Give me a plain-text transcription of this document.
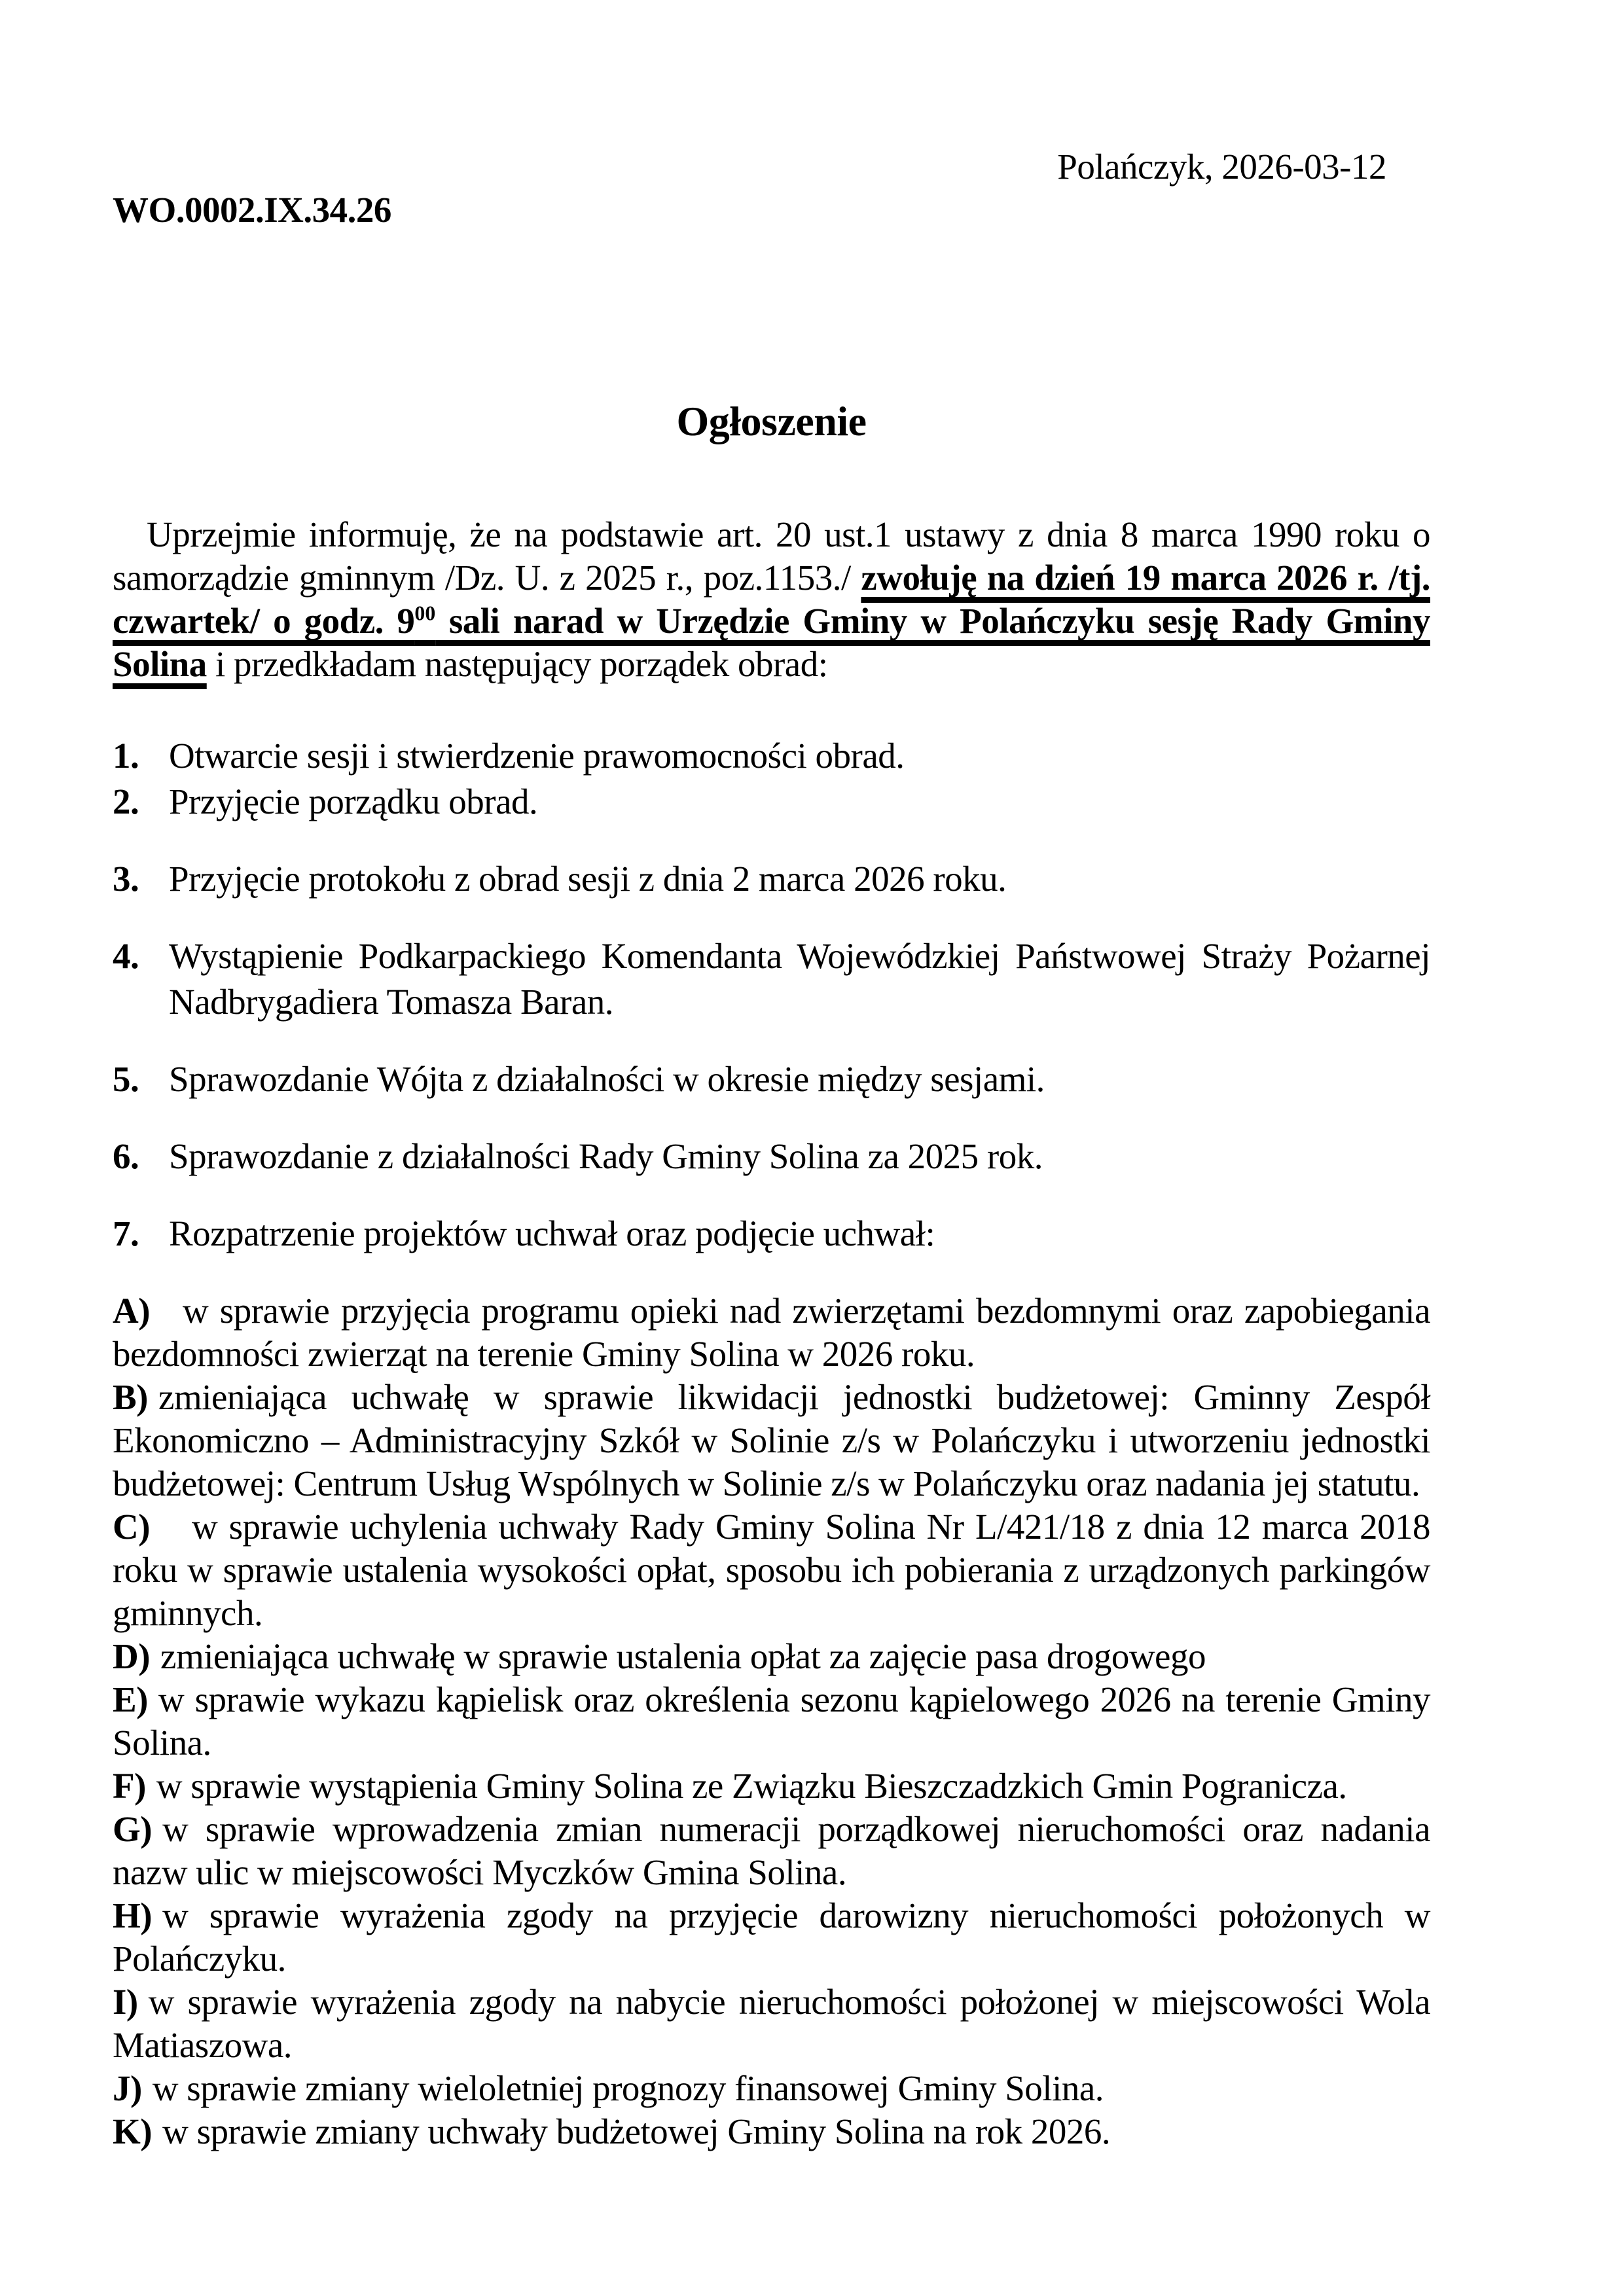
Polańczyk, 2026-03-12
WO.0002.IX.34.26
Ogłoszenie

Uprzejmie informuję, że na podstawie art. 20 ust.1 ustawy z dnia 8 marca 1990 roku o samorządzie gminnym /Dz. U. z 2025 r., poz.1153./ zwołuję na dzień 19 marca 2026 r. /tj. czwartek/ o godz. $9^{00}$ sali narad w Urzędzie Gminy w Polańczyku sesję Rady Gminy Solina i przedkładam następujący porządek obrad:

1. Otwarcie sesji i stwierdzenie prawomocności obrad.
2. Przyjęcie porządku obrad.
3. Przyjęcie protokołu z obrad sesji z dnia 2 marca 2026 roku.
4. Wystąpienie Podkarpackiego Komendanta Wojewódzkiej Państwowej Straży Pożarnej Nadbrygadiera Tomasza Baran.
5. Sprawozdanie Wójta z działalności w okresie między sesjami.
6. Sprawozdanie z działalności Rady Gminy Solina za 2025 rok.
7. Rozpatrzenie projektów uchwał oraz podjęcie uchwał:
A) w sprawie przyjęcia programu opieki nad zwierzętami bezdomnymi oraz zapobiegania bezdomności zwierząt na terenie Gminy Solina w 2026 roku.
B) zmieniająca uchwałę w sprawie likwidacji jednostki budżetowej: Gminny Zespół Ekonomiczno – Administracyjny Szkół w Solinie z/s w Polańczyku i utworzeniu jednostki budżetowej: Centrum Usług Wspólnych w Solinie z/s w Polańczyku oraz nadania jej statutu.
C) w sprawie uchylenia uchwały Rady Gminy Solina Nr L/421/18 z dnia 12 marca 2018 roku w sprawie ustalenia wysokości opłat, sposobu ich pobierania z urządzonych parkingów gminnych.
D) zmieniająca uchwałę w sprawie ustalenia opłat za zajęcie pasa drogowego
E) w sprawie wykazu kąpielisk oraz określenia sezonu kąpielowego 2026 na terenie Gminy Solina.
F) w sprawie wystąpienia Gminy Solina ze Związku Bieszczadzkich Gmin Pogranicza.
G) w sprawie wprowadzenia zmian numeracji porządkowej nieruchomości oraz nadania nazw ulic w miejscowości Myczków Gmina Solina.
H) w sprawie wyrażenia zgody na przyjęcie darowizny nieruchomości położonych w Polańczyku.
I) w sprawie wyrażenia zgody na nabycie nieruchomości położonej w miejscowości Wola Matiaszowa.
J) w sprawie zmiany wieloletniej prognozy finansowej Gminy Solina.
K) w sprawie zmiany uchwały budżetowej Gminy Solina na rok 2026.
